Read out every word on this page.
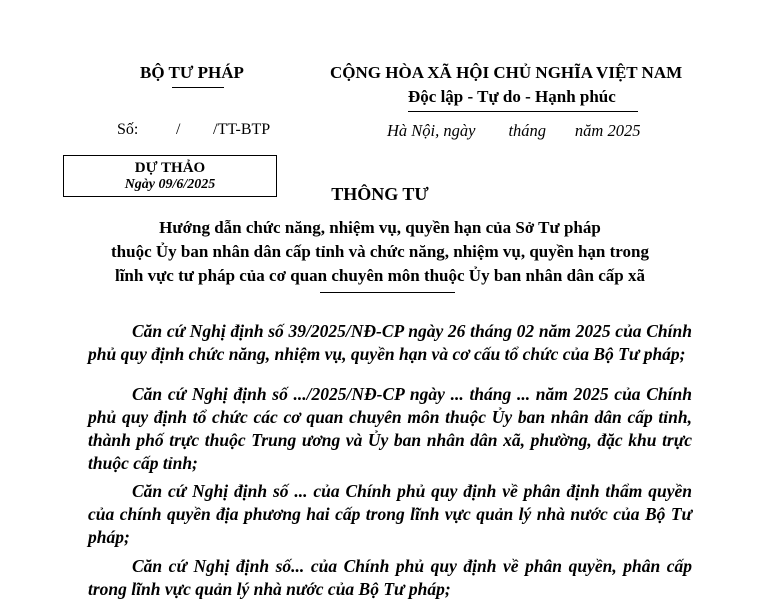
BỘ TƯ PHÁP	CỘNG HÒA XÃ HỘI CHỦ NGHĨA VIỆT NAM
Độc lập - Tự do - Hạnh phúc
Số: / /TT-BTP	Hà Nội, ngày        tháng       năm 2025
DỰ THẢO
Ngày 09/6/2025	THÔNG TƯ
Hướng dẫn chức năng, nhiệm vụ, quyền hạn của Sở Tư pháp
thuộc Ủy ban nhân dân cấp tỉnh và chức năng, nhiệm vụ, quyền hạn trong
lĩnh vực tư pháp của cơ quan chuyên môn thuộc Ủy ban nhân dân cấp xã
Căn cứ Nghị định số 39/2025/NĐ-CP ngày 26 tháng 02 năm 2025 của Chính phủ quy định chức năng, nhiệm vụ, quyền hạn và cơ cấu tổ chức của Bộ Tư pháp;
Căn cứ Nghị định số .../2025/NĐ-CP ngày ... tháng ... năm 2025 của Chính phủ quy định tổ chức các cơ quan chuyên môn thuộc Ủy ban nhân dân cấp tỉnh, thành phố trực thuộc Trung ương và Ủy ban nhân dân xã, phường, đặc khu trực thuộc cấp tỉnh;
Căn cứ Nghị định số ... của Chính phủ quy định về phân định thẩm quyền của chính quyền địa phương hai cấp trong lĩnh vực quản lý nhà nước của Bộ Tư pháp;
Căn cứ Nghị định số... của Chính phủ quy định về phân quyền, phân cấp trong lĩnh vực quản lý nhà nước của Bộ Tư pháp;
